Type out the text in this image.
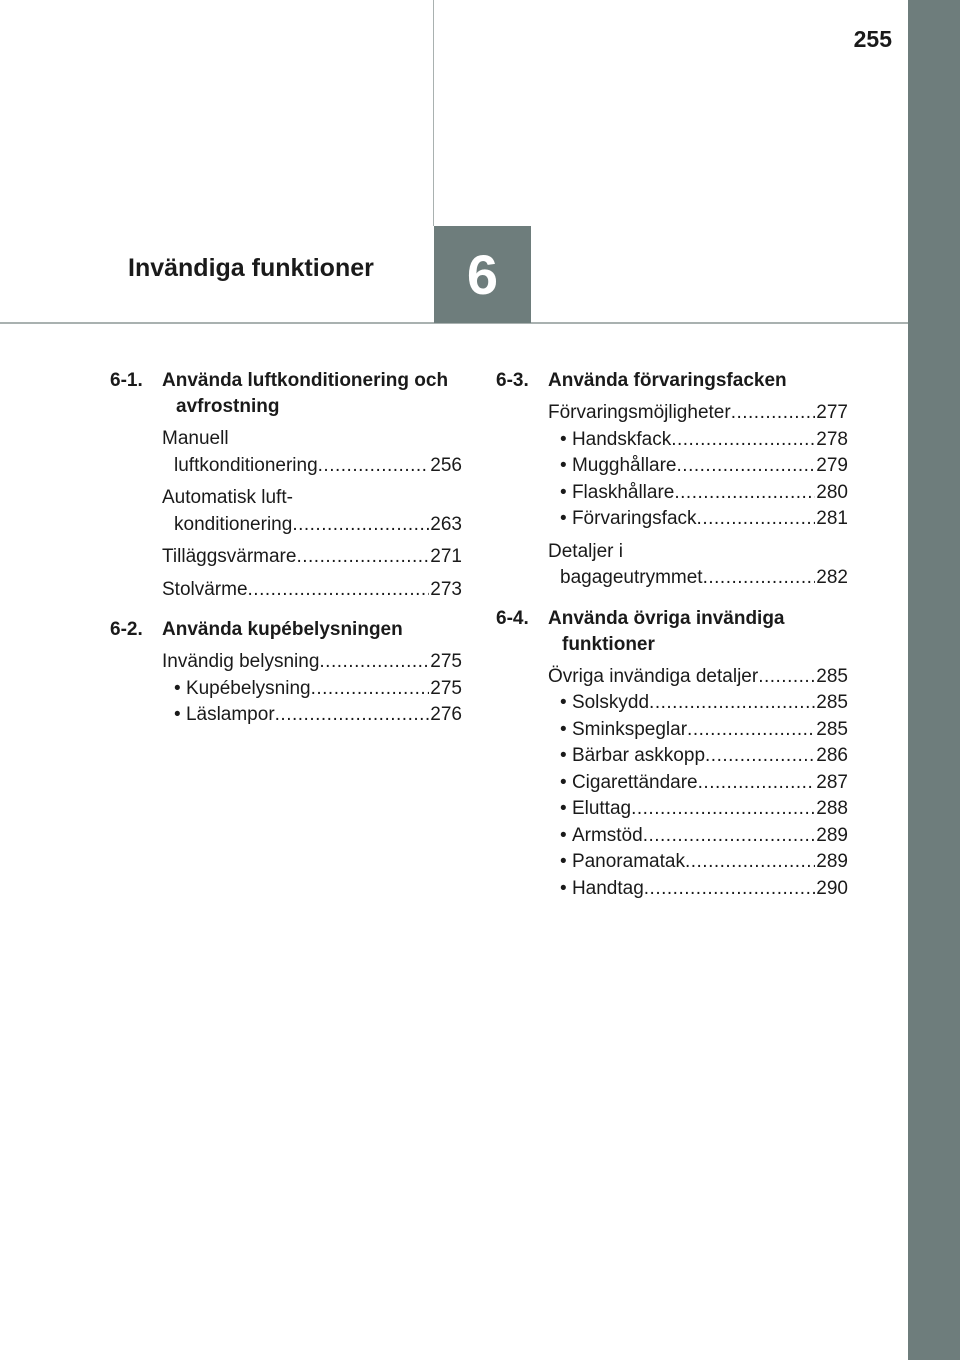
255
6
Invändiga funktioner
6-1.	Använda luftkonditionering och avfrostning
Manuell
luftkonditionering .....	256
Automatisk luft-
konditionering .....	263
Tilläggsvärmare .....	271
Stolvärme .....	273
6-2.	Använda kupébelysningen
Invändig belysning .....	275
• Kupébelysning .....	275
• Läslampor .....	276
6-3.	Använda förvaringsfacken
Förvaringsmöjligheter .....	277
• Handskfack .....	278
• Mugghållare .....	279
• Flaskhållare .....	280
• Förvaringsfack .....	281
Detaljer i
bagageutrymmet .....	282
6-4.	Använda övriga invändiga funktioner
Övriga invändiga detaljer .....	285
• Solskydd .....	285
• Sminkspeglar .....	285
• Bärbar askkopp .....	286
• Cigarettändare .....	287
• Eluttag .....	288
• Armstöd .....	289
• Panoramatak .....	289
• Handtag .....	290
